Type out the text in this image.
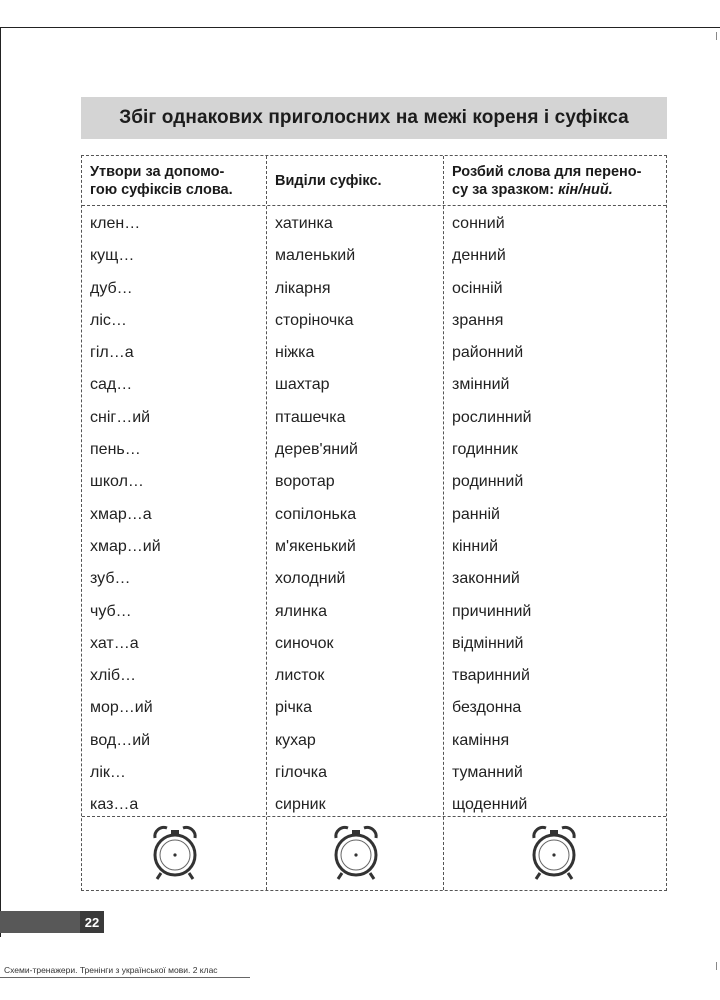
Збіг однакових приголосних на межі кореня і суфікса
Утвори за допомо-
гою суфіксів слова.
Виділи суфікс.
Розбий слова для перено-
су за зразком: кін/ний.
клен…
кущ…
дуб…
ліс…
гіл…а
сад…
сніг…ий
пень…
школ…
хмар…а
хмар…ий
зуб…
чуб…
хат…а
хліб…
мор…ий
вод…ий
лік…
каз…а
хатинка
маленький
лікарня
сторіночка
ніжка
шахтар
пташечка
дерев'яний
воротар
сопілонька
м'якенький
холодний
ялинка
синочок
листок
річка
кухар
гілочка
сирник
сонний
денний
осінній
зрання
районний
змінний
рослинний
годинник
родинний
ранній
кінний
законний
причинний
відмінний
тваринний
бездонна
каміння
туманний
щоденний
22
Схеми-тренажери. Тренінги з української мови. 2 клас
